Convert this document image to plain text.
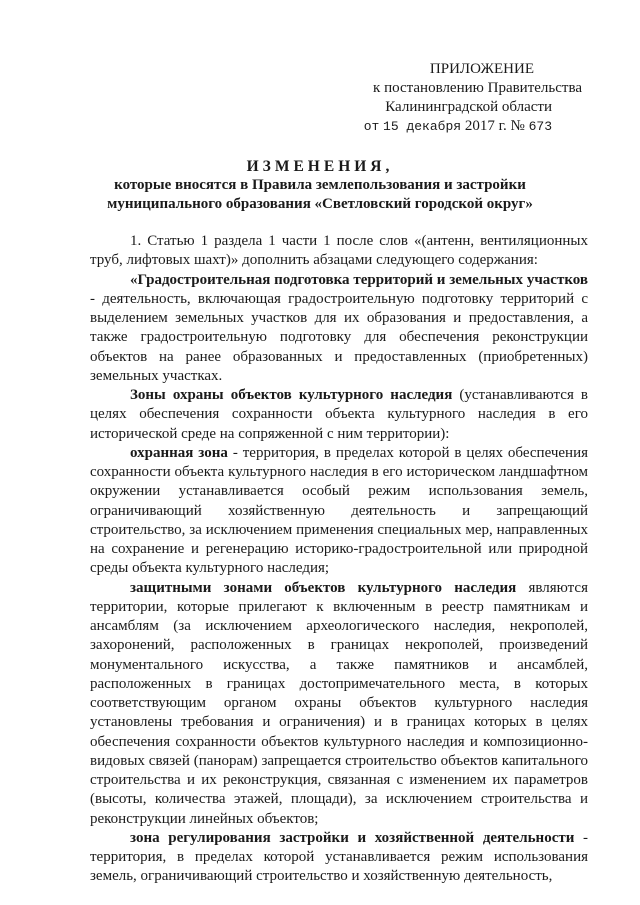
ПРИЛОЖЕНИЕ
к постановлению Правительства
Калининградской области
от 15 декабря 2017 г. № 673
ИЗМЕНЕНИЯ,
которые вносятся в Правила землепользования и застройки
муниципального образования «Светловский городской округ»

1. Статью 1 раздела 1 части 1 после слов «(антенн, вентиляционных труб, лифтовых шахт)» дополнить абзацами следующего содержания:

«Градостроительная подготовка территорий и земельных участков - деятельность, включающая градостроительную подготовку территорий с выделением земельных участков для их образования и предоставления, а также градостроительную подготовку для обеспечения реконструкции объектов на ранее образованных и предоставленных (приобретенных) земельных участках.

Зоны охраны объектов культурного наследия (устанавливаются в целях обеспечения сохранности объекта культурного наследия в его исторической среде на сопряженной с ним территории):

охранная зона - территория, в пределах которой в целях обеспечения сохранности объекта культурного наследия в его историческом ландшафтном окружении устанавливается особый режим использования земель, ограничивающий хозяйственную деятельность и запрещающий строительство, за исключением применения специальных мер, направленных на сохранение и регенерацию историко-градостроительной или природной среды объекта культурного наследия;

защитными зонами объектов культурного наследия являются территории, которые прилегают к включенным в реестр памятникам и ансамблям (за исключением археологического наследия, некрополей, захоронений, расположенных в границах некрополей, произведений монументального искусства, а также памятников и ансамблей, расположенных в границах достопримечательного места, в которых соответствующим органом охраны объектов культурного наследия установлены требования и ограничения) и в границах которых в целях обеспечения сохранности объектов культурного наследия и композиционно-видовых связей (панорам) запрещается строительство объектов капитального строительства и их реконструкция, связанная с изменением их параметров (высоты, количества этажей, площади), за исключением строительства и реконструкции линейных объектов;

зона регулирования застройки и хозяйственной деятельности - территория, в пределах которой устанавливается режим использования земель, ограничивающий строительство и хозяйственную деятельность,
